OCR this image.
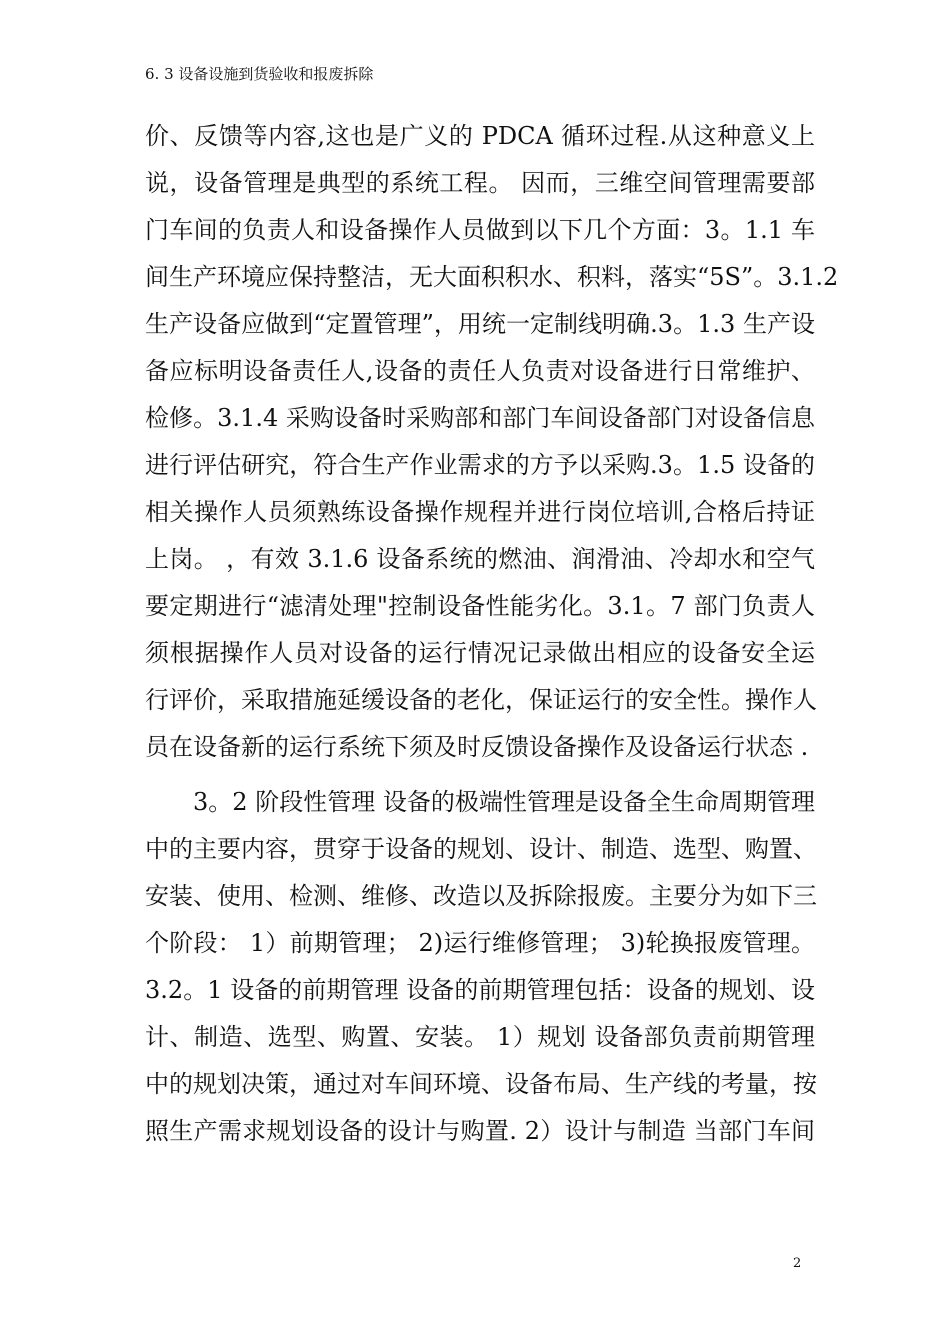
6. 3 设备设施到货验收和报废拆除
价、反馈等内容,这也是广义的 PDCA 循环过程.从这种意义上
说，设备管理是典型的系统工程。 因而，三维空间管理需要部
门车间的负责人和设备操作人员做到以下几个方面：3。1.1 车
间生产环境应保持整洁，无大面积积水、积料，落实“5S”。3.1.2
生产设备应做到“定置管理”，用统一定制线明确.3。1.3 生产设
备应标明设备责任人,设备的责任人负责对设备进行日常维护、
检修。3.1.4 采购设备时采购部和部门车间设备部门对设备信息
进行评估研究，符合生产作业需求的方予以采购.3。1.5 设备的
相关操作人员须熟练设备操作规程并进行岗位培训,合格后持证
上岗。 ，有效 3.1.6 设备系统的燃油、润滑油、冷却水和空气
要定期进行“滤清处理"控制设备性能劣化。3.1。7 部门负责人
须根据操作人员对设备的运行情况记录做出相应的设备安全运
行评价，采取措施延缓设备的老化，保证运行的安全性。操作人
员在设备新的运行系统下须及时反馈设备操作及设备运行状态 .
3。2 阶段性管理 设备的极端性管理是设备全生命周期管理
中的主要内容，贯穿于设备的规划、设计、制造、选型、购置、
安装、使用、检测、维修、改造以及拆除报废。主要分为如下三
个阶段： 1）前期管理； 2)运行维修管理； 3)轮换报废管理。
3.2。1 设备的前期管理 设备的前期管理包括：设备的规划、设
计、制造、选型、购置、安装。 1）规划 设备部负责前期管理
中的规划决策，通过对车间环境、设备布局、生产线的考量，按
照生产需求规划设备的设计与购置. 2）设计与制造 当部门车间
2
